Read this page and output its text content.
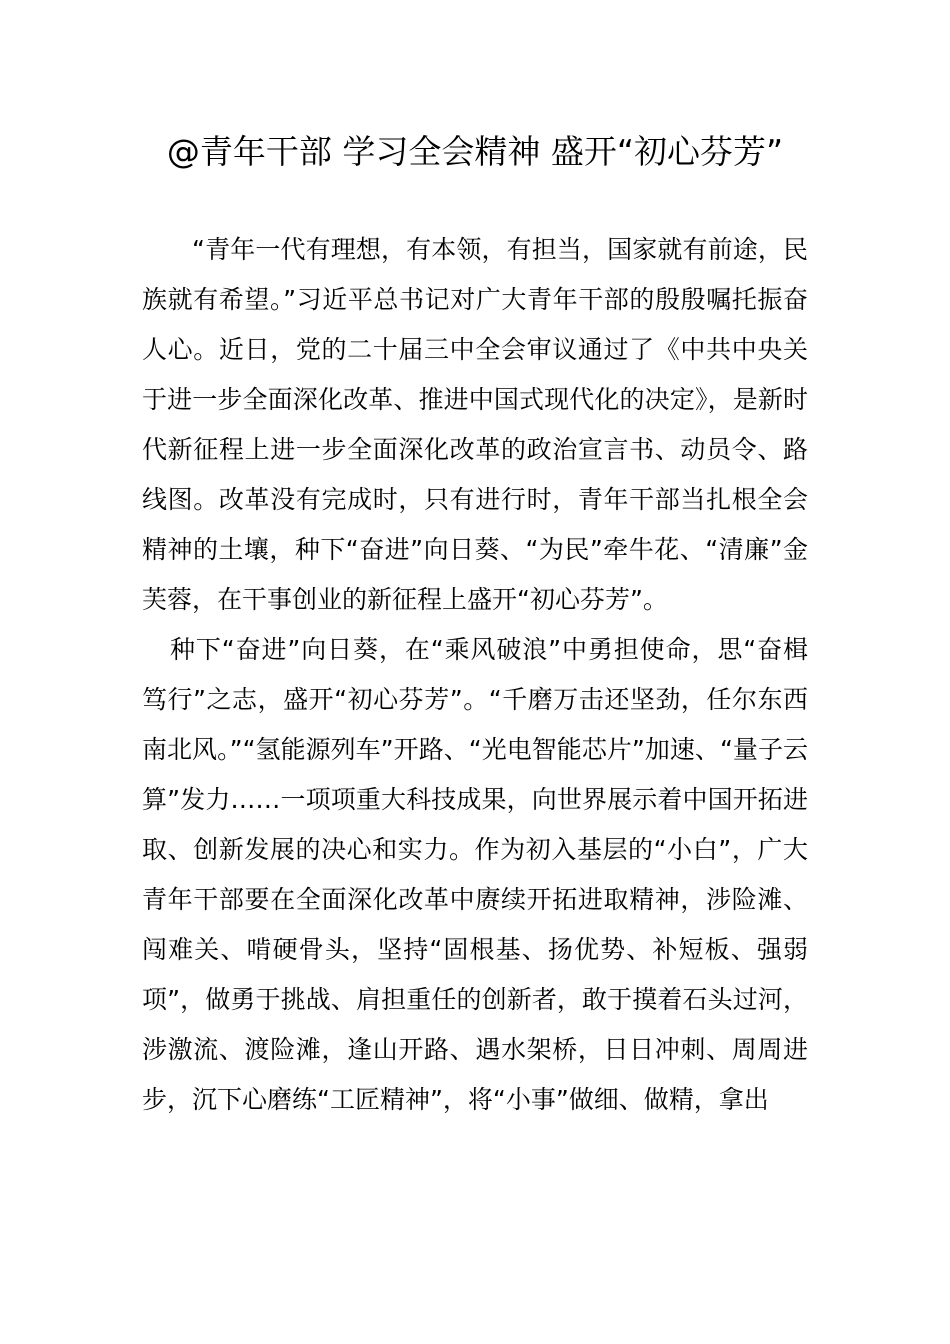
@青年干部 学习全会精神 盛开“初心芬芳”

“青年一代有理想，有本领，有担当，国家就有前途，民族就有希望。”习近平总书记对广大青年干部的殷殷嘱托振奋人心。近日，党的二十届三中全会审议通过了《中共中央关于进一步全面深化改革、推进中国式现代化的决定》，是新时代新征程上进一步全面深化改革的政治宣言书、动员令、路线图。改革没有完成时，只有进行时，青年干部当扎根全会精神的土壤，种下“奋进”向日葵、“为民”牵牛花、“清廉”金芙蓉，在干事创业的新征程上盛开“初心芬芳”。

种下“奋进”向日葵，在“乘风破浪”中勇担使命，思“奋楫笃行”之志，盛开“初心芬芳”。“千磨万击还坚劲，任尔东西南北风。”“氢能源列车”开路、“光电智能芯片”加速、“量子云算”发力……一项项重大科技成果，向世界展示着中国开拓进取、创新发展的决心和实力。作为初入基层的“小白”，广大青年干部要在全面深化改革中赓续开拓进取精神，涉险滩、闯难关、啃硬骨头，坚持“固根基、扬优势、补短板、强弱项”，做勇于挑战、肩担重任的创新者，敢于摸着石头过河，涉激流、渡险滩，逢山开路、遇水架桥，日日冲刺、周周进步，沉下心磨练“工匠精神”，将“小事”做细、做精，拿出
